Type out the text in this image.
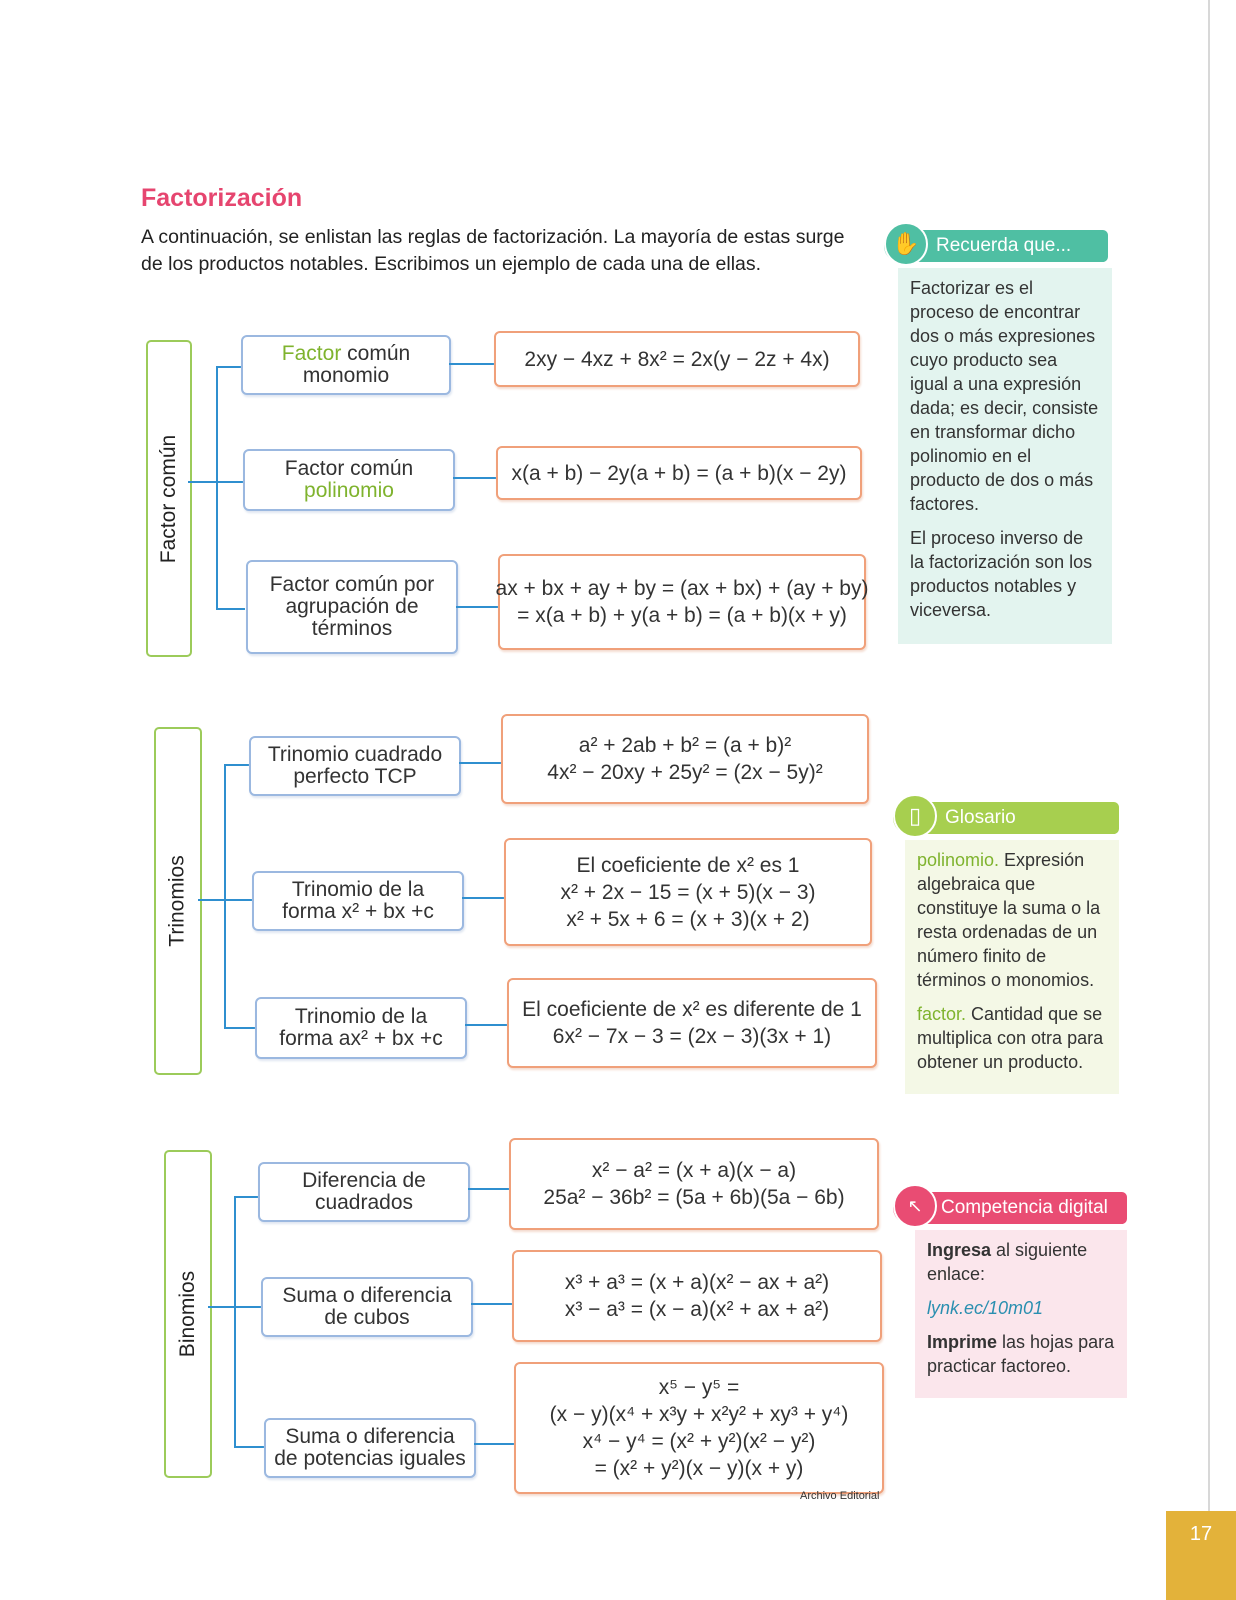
Factorización

A continuación, se enlistan las reglas de factorización. La mayoría de estas surge de los productos notables. Escribimos un ejemplo de cada una de ellas.

Factor común
Factor común
monomio
2xy − 4xz + 8x² = 2x(y − 2z + 4x)
Factor común
polinomio
x(a + b) − 2y(a + b) = (a + b)(x − 2y)
Factor común por
agrupación de
términos
ax + bx + ay + by = (ax + bx) + (ay + by)
= x(a + b) + y(a + b) = (a + b)(x + y)
Trinomios
Trinomio cuadrado
perfecto TCP
a² + 2ab + b² = (a + b)²
4x² − 20xy + 25y² = (2x − 5y)²
Trinomio de la
forma x² + bx +c
El coeficiente de x² es 1
x² + 2x − 15 = (x + 5)(x − 3)
x² + 5x + 6 = (x + 3)(x + 2)
Trinomio de la
forma ax² + bx +c
El coeficiente de x² es diferente de 1
6x² − 7x − 3 = (2x − 3)(3x + 1)
Binomios
Diferencia de
cuadrados
x² − a² = (x + a)(x − a)
25a² − 36b² = (5a + 6b)(5a − 6b)
Suma o diferencia
de cubos
x³ + a³ = (x + a)(x² − ax + a²)
x³ − a³ = (x − a)(x² + ax + a²)
Suma o diferencia
de potencias iguales
x⁵ − y⁵ =
(x − y)(x⁴ + x³y + x²y² + xy³ + y⁴)
x⁴ − y⁴ = (x² + y²)(x² − y²)
= (x² + y²)(x − y)(x + y)
Archivo Editorial
Recuerda que...
✋

Factorizar es el proceso de encontrar dos o más expresiones cuyo producto sea igual a una expresión dada; es decir, consiste en transformar dicho polinomio en el producto de dos o más factores.

El proceso inverso de la factorización son los productos notables y viceversa.

Glosario
▯

polinomio. Expresión algebraica que constituye la suma o la resta ordenadas de un número finito de términos o monomios.

factor. Cantidad que se multiplica con otra para obtener un producto.

Competencia digital
↖

Ingresa al siguiente enlace:

lynk.ec/10m01

Imprime las hojas para practicar factoreo.

17
